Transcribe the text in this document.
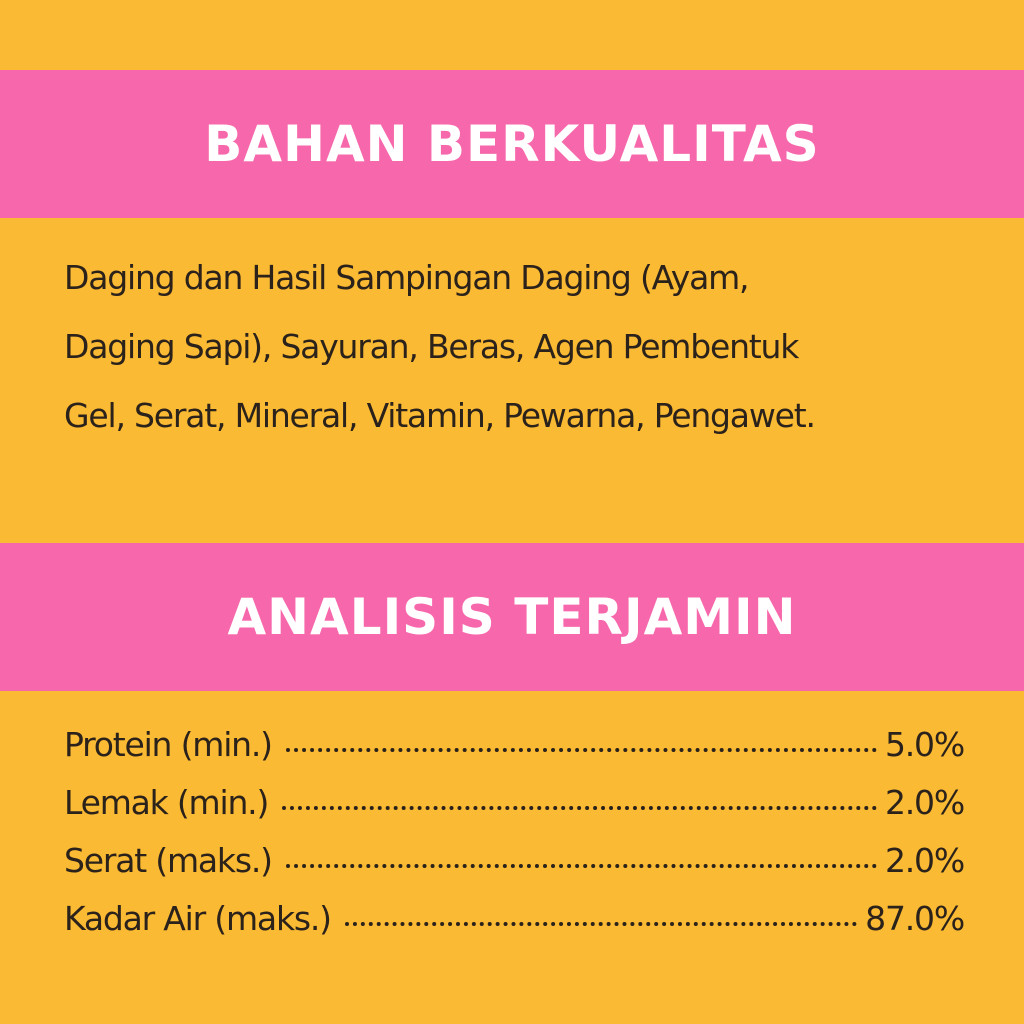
BAHAN BERKUALITAS
Daging dan Hasil Sampingan Daging (Ayam,
Daging Sapi), Sayuran, Beras, Agen Pembentuk
Gel, Serat, Mineral, Vitamin, Pewarna, Pengawet.
ANALISIS TERJAMIN
Protein (min.)	5.0%
Lemak (min.)	2.0%
Serat (maks.)	2.0%
Kadar Air (maks.)	87.0%
